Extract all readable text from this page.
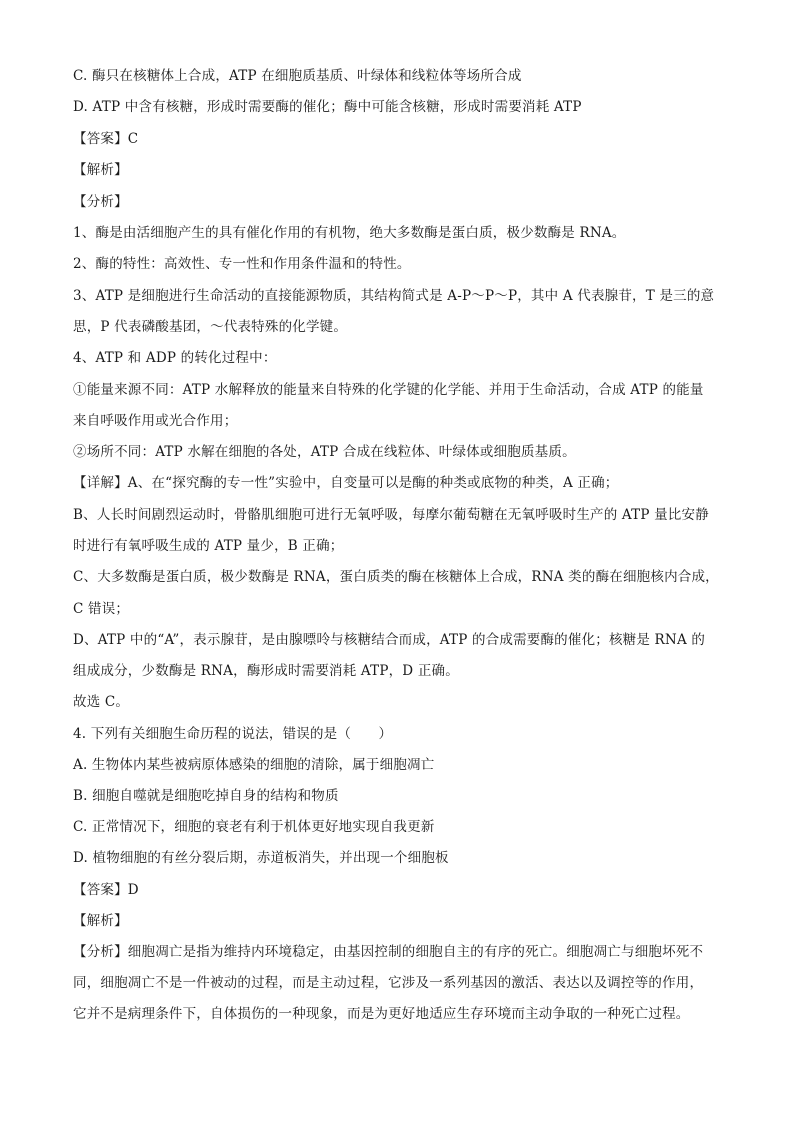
C. 酶只在核糖体上合成，ATP 在细胞质基质、叶绿体和线粒体等场所合成
D. ATP 中含有核糖，形成时需要酶的催化；酶中可能含核糖，形成时需要消耗 ATP
【答案】C
【解析】
【分析】
1、酶是由活细胞产生的具有催化作用的有机物，绝大多数酶是蛋白质，极少数酶是 RNA。
2、酶的特性：高效性、专一性和作用条件温和的特性。
3、ATP 是细胞进行生命活动的直接能源物质，其结构简式是 A-P～P～P，其中 A 代表腺苷，T 是三的意
思，P 代表磷酸基团，～代表特殊的化学键。
4、ATP 和 ADP 的转化过程中：
①能量来源不同：ATP 水解释放的能量来自特殊的化学键的化学能、并用于生命活动，合成 ATP 的能量
来自呼吸作用或光合作用；
②场所不同：ATP 水解在细胞的各处，ATP 合成在线粒体、叶绿体或细胞质基质。
【详解】A、在“探究酶的专一性”实验中，自变量可以是酶的种类或底物的种类，A 正确；
B、人长时间剧烈运动时，骨骼肌细胞可进行无氧呼吸，每摩尔葡萄糖在无氧呼吸时生产的 ATP 量比安静
时进行有氧呼吸生成的 ATP 量少，B 正确；
C、大多数酶是蛋白质，极少数酶是 RNA，蛋白质类的酶在核糖体上合成，RNA 类的酶在细胞核内合成，
C 错误；
D、ATP 中的“A”，表示腺苷，是由腺嘌呤与核糖结合而成，ATP 的合成需要酶的催化；核糖是 RNA 的
组成成分，少数酶是 RNA，酶形成时需要消耗 ATP，D 正确。
故选 C。
4. 下列有关细胞生命历程的说法，错误的是（　　）
A. 生物体内某些被病原体感染的细胞的清除，属于细胞凋亡
B. 细胞自噬就是细胞吃掉自身的结构和物质
C. 正常情况下，细胞的衰老有利于机体更好地实现自我更新
D. 植物细胞的有丝分裂后期，赤道板消失，并出现一个细胞板
【答案】D
【解析】
【分析】细胞凋亡是指为维持内环境稳定，由基因控制的细胞自主的有序的死亡。细胞凋亡与细胞坏死不
同，细胞凋亡不是一件被动的过程，而是主动过程，它涉及一系列基因的激活、表达以及调控等的作用，
它并不是病理条件下，自体损伤的一种现象，而是为更好地适应生存环境而主动争取的一种死亡过程。
